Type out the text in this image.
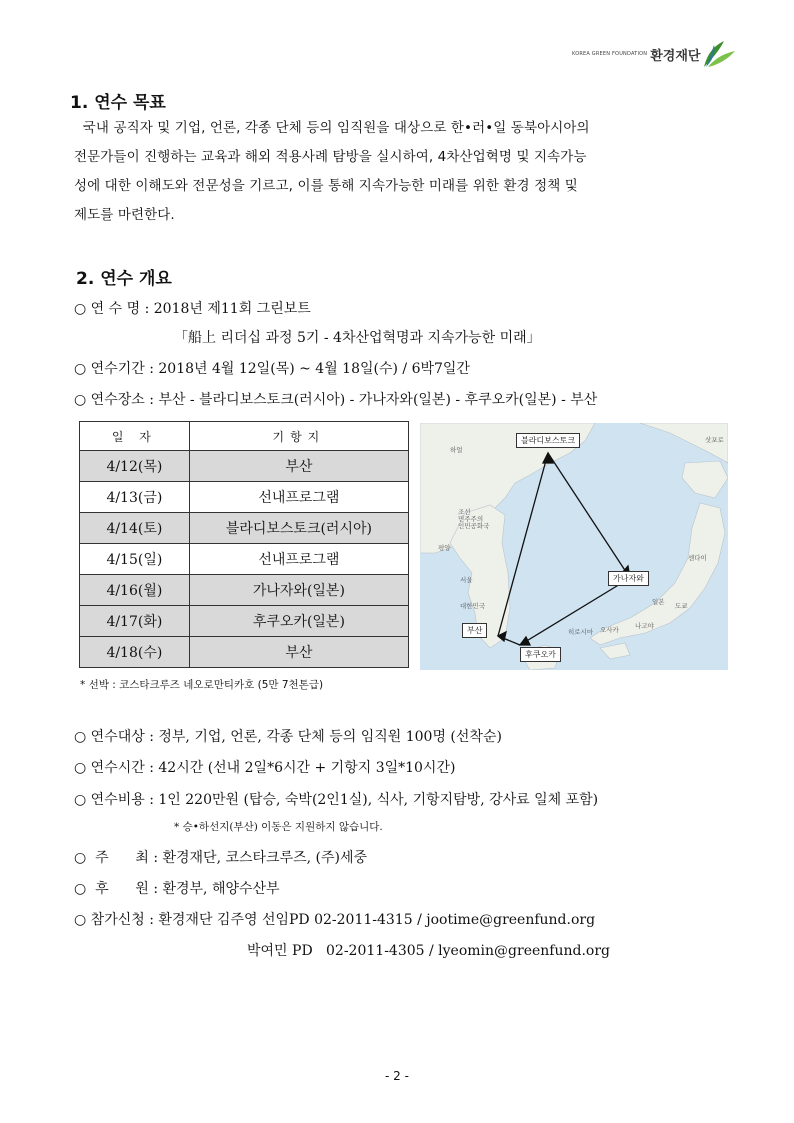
KOREA GREEN FOUNDATION 환경재단
1. 연수 목표
국내 공직자 및 기업, 언론, 각종 단체 등의 임직원을 대상으로 한•러•일 동북아시아의
전문가들이 진행하는 교육과 해외 적용사례 탐방을 실시하여, 4차산업혁명 및 지속가능
성에 대한 이해도와 전문성을 기르고, 이를 통해 지속가능한 미래를 위한 환경 정책 및
제도를 마련한다.
2. 연수 개요
○ 연 수 명 : 2018년 제11회 그린보트
「船上 리더십 과정 5기 - 4차산업혁명과 지속가능한 미래」
○ 연수기간 : 2018년 4월 12일(목) ~ 4월 18일(수) / 6박7일간
○ 연수장소 : 부산 - 블라디보스토크(러시아) - 가나자와(일본) - 후쿠오카(일본) - 부산
일 자	기항지
4/12(목)	부산
4/13(금)	선내프로그램
4/14(토)	블라디보스토크(러시아)
4/15(일)	선내프로그램
4/16(월)	가나자와(일본)
4/17(화)	후쿠오카(일본)
4/18(수)	부산
* 선박 : 코스타크루즈 네오로만티카호 (5만 7천톤급)
블라디보스토크
가나자와
부산
후쿠오카
조선
민주주의
인민공화국
평양
서울
대한민국	일본 도쿄
오사카
삿포로
센다이
나고야
하얼
히로시마
○ 연수대상 : 정부, 기업, 언론, 각종 단체 등의 임직원 100명 (선착순)
○ 연수시간 : 42시간 (선내 2일*6시간 + 기항지 3일*10시간)
○ 연수비용 : 1인 220만원 (탑승, 숙박(2인1실), 식사, 기항지탐방, 강사료 일체 포함)
* 승•하선지(부산) 이동은 지원하지 않습니다.
○  주      최 : 환경재단, 코스타크루즈, (주)세중
○  후      원 : 환경부, 해양수산부
○ 참가신청 : 환경재단 김주영 선임PD 02-2011-4315 / jootime@greenfund.org
박여민 PD   02-2011-4305 / lyeomin@greenfund.org
- 2 -
